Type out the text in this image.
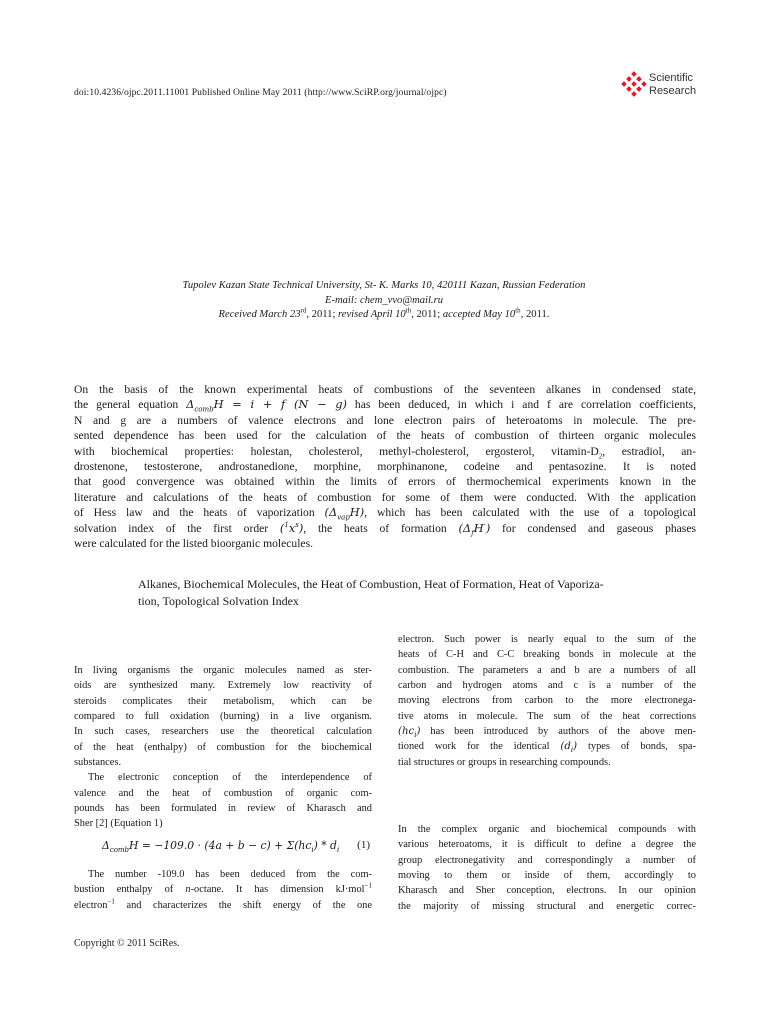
doi:10.4236/ojpc.2011.11001 Published Online May 2011 (http://www.SciRP.org/journal/ojpc)
Scientific
Research
Tupolev Kazan State Technical University, St- K. Marks 10, 420111 Kazan, Russian Federation
E-mail: chem_vvo@mail.ru
Received March 23rd, 2011; revised April 10th, 2011; accepted May 10th, 2011.
On the basis of the known experimental heats of combustions of the seventeen alkanes in condensed state,
the general equation $\Delta_{comb}H = i + f$ (N − g) has been deduced, in which i and f are correlation coefficients,
N and g are a numbers of valence electrons and lone electron pairs of heteroatoms in molecule. The pre-
sented dependence has been used for the calculation of the heats of combustion of thirteen organic molecules
with biochemical properties: holestan, cholesterol, methyl-cholesterol, ergosterol, vitamin-$D_2$, estradiol, an-
drostenone, testosterone, androstanedione, morphine, morphinanone, codeine and pentasozine. It is noted
that good convergence was obtained within the limits of errors of thermochemical experiments known in the
literature and calculations of the heats of combustion for some of them were conducted. With the application
of Hess law and the heats of vaporization $(\Delta_{vap}H)$, which has been calculated with the use of a topological
solvation index of the first order $(^1x^s)$, the heats of formation $(\Delta_fH^\cdot)$ for condensed and gaseous phases
were calculated for the listed bioorganic molecules.
Alkanes, Biochemical Molecules, the Heat of Combustion, Heat of Formation, Heat of Vaporiza-
tion, Topological Solvation Index
In living organisms the organic molecules named as ster-
oids are synthesized many. Extremely low reactivity of
steroids complicates their metabolism, which can be
compared to full oxidation (burning) in a live organism.
In such cases, researchers use the theoretical calculation
of the heat (enthalpy) of combustion for the biochemical
substances.
The electronic conception of the interdependence of
valence and the heat of combustion of organic com-
pounds has been formulated in review of Kharasch and
Sher [2] (Equation 1)
$\Delta_{comb}H = -109.0 \cdot (4a + b - c) + \Sigma(hc_i) * d_i$ (1)
The number -109.0 has been deduced from the com-
bustion enthalpy of n-octane. It has dimension kJ·mol$^{-1}$
electron$^{-1}$ and characterizes the shift energy of the one
electron. Such power is nearly equal to the sum of the
heats of C-H and C-C breaking bonds in molecule at the
combustion. The parameters a and b are a numbers of all
carbon and hydrogen atoms and c is a number of the
moving electrons from carbon to the more electronega-
tive atoms in molecule. The sum of the heat corrections
$(hc_i)$ has been introduced by authors of the above men-
tioned work for the identical $(d_i)$ types of bonds, spa-
tial structures or groups in researching compounds.
In the complex organic and biochemical compounds with
various heteroatoms, it is difficult to define a degree the
group electronegativity and correspondingly a number of
moving to them or inside of them, accordingly to
Kharasch and Sher conception, electrons. In our opinion
the majority of missing structural and energetic correc-
Copyright © 2011 SciRes.
